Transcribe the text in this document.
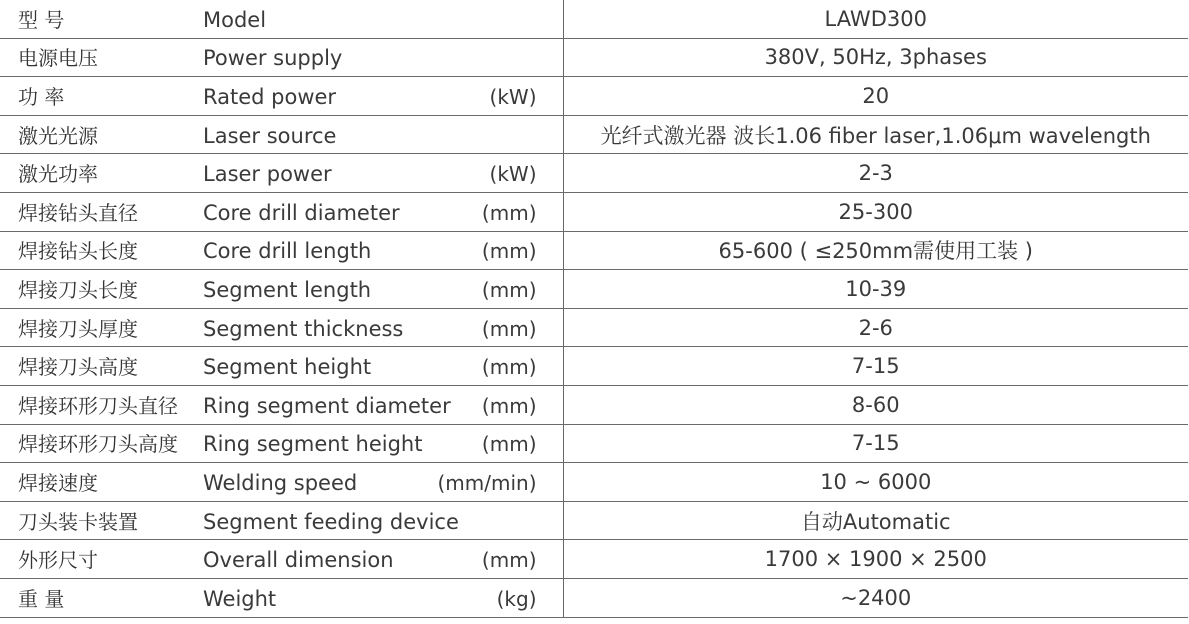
型 号 Model	LAWD300

电源电压 Power supply	380V, 50Hz, 3phases

功 率 Rated power (kW)	20

激光光源 Laser source	光纤式激光器 波长1.06 fiber laser,1.06μm wavelength

激光功率 Laser power (kW)	2-3

焊接钻头直径 Core drill diameter (mm)	25-300

焊接钻头长度 Core drill length (mm)	65-600 ( ≤250mm需使用工装 )

焊接刀头长度 Segment length (mm)	10-39

焊接刀头厚度 Segment thickness (mm)	2-6

焊接刀头高度 Segment height (mm)	7-15

焊接环形刀头直径 Ring segment diameter (mm)	8-60

焊接环形刀头高度 Ring segment height (mm)	7-15

焊接速度 Welding speed (mm/min)	10 ~ 6000

刀头装卡装置 Segment feeding device	自动Automatic

外形尺寸 Overall dimension (mm)	1700 × 1900 × 2500

重 量 Weight (kg)	~2400
